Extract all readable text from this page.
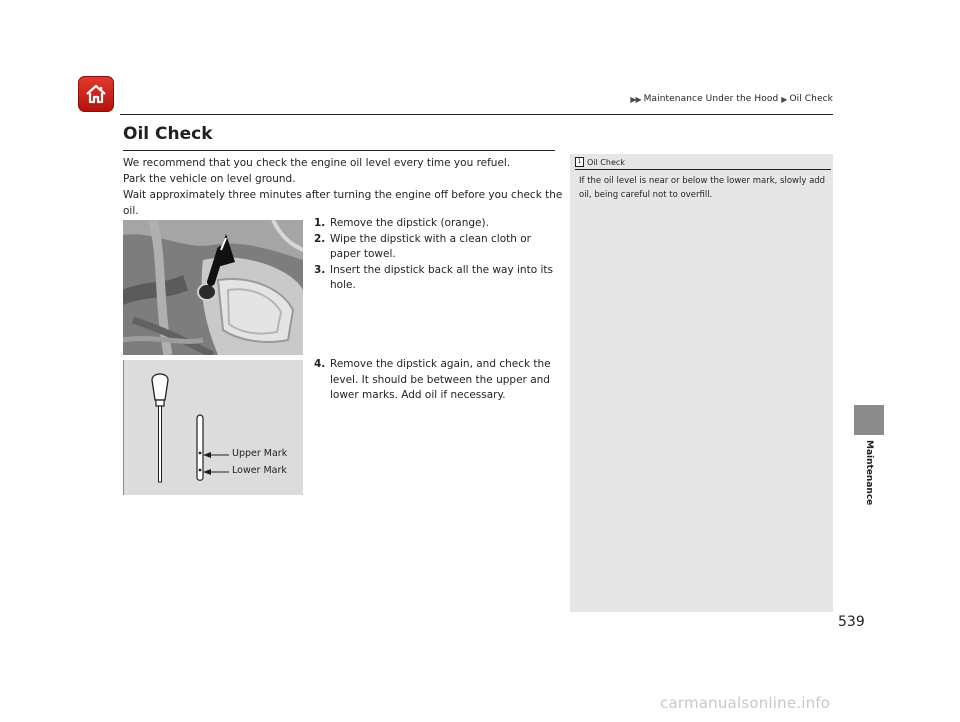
▶▶ Maintenance Under the Hood ▶ Oil Check
Oil Check

We recommend that you check the engine oil level every time you refuel.

Park the vehicle on level ground.

Wait approximately three minutes after turning the engine off before you check the oil.

Upper Mark
Lower Mark
1. Remove the dipstick (orange).
2. Wipe the dipstick with a clean cloth or paper towel.
3. Insert the dipstick back all the way into its hole.
4. Remove the dipstick again, and check the level. It should be between the upper and lower marks. Add oil if necessary.
1 Oil Check
If the oil level is near or below the lower mark, slowly add oil, being careful not to overfill.
Maintenance
539
carmanualsonline.info
